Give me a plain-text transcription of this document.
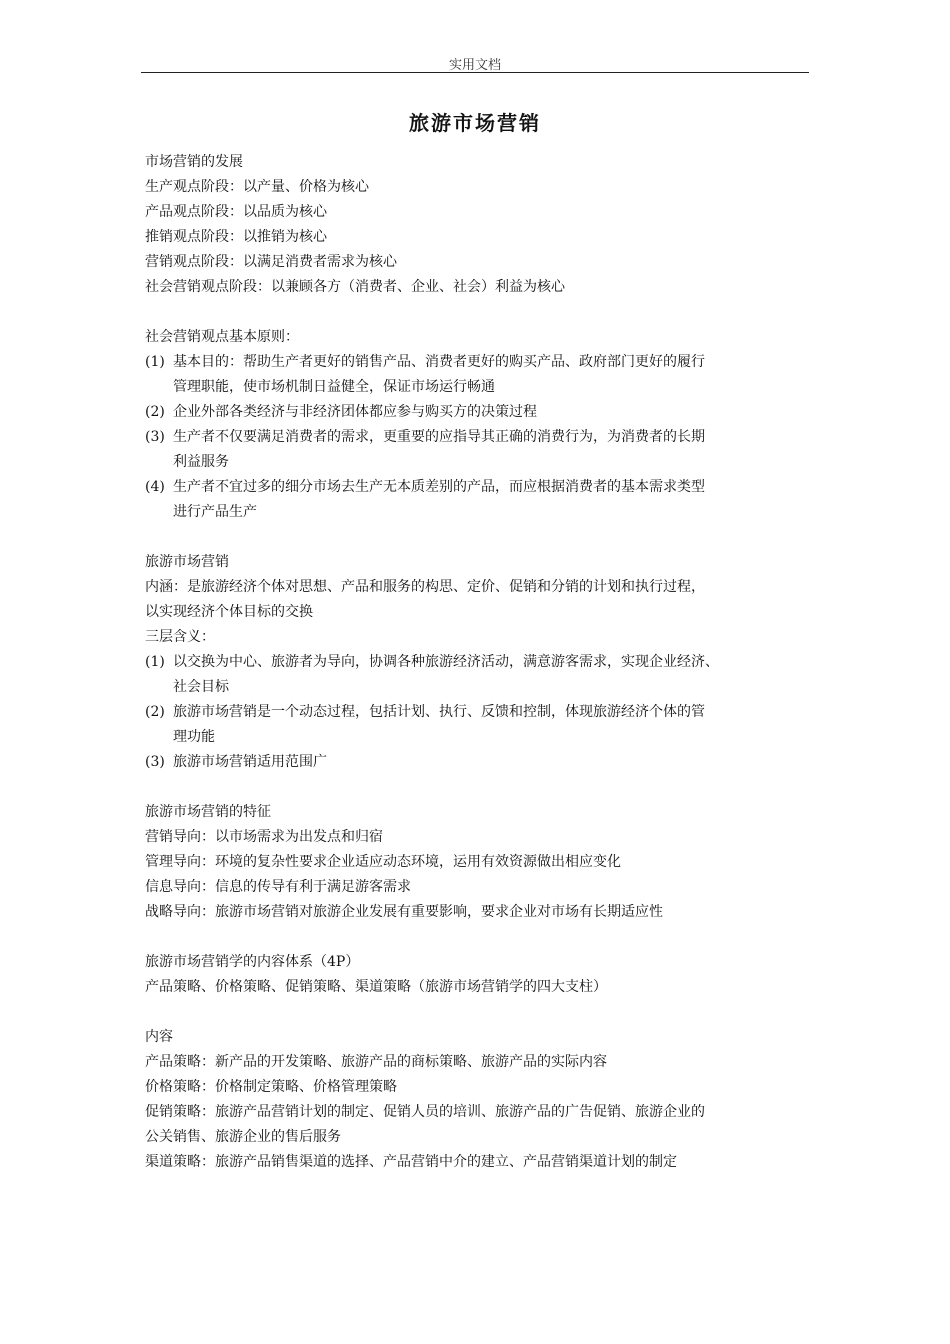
实用文档
旅游市场营销
市场营销的发展
生产观点阶段：以产量、价格为核心
产品观点阶段：以品质为核心
推销观点阶段：以推销为核心
营销观点阶段：以满足消费者需求为核心
社会营销观点阶段：以兼顾各方（消费者、企业、社会）利益为核心
社会营销观点基本原则：
(1) 基本目的：帮助生产者更好的销售产品、消费者更好的购买产品、政府部门更好的履行
管理职能，使市场机制日益健全，保证市场运行畅通
(2) 企业外部各类经济与非经济团体都应参与购买方的决策过程
(3) 生产者不仅要满足消费者的需求，更重要的应指导其正确的消费行为，为消费者的长期
利益服务
(4) 生产者不宜过多的细分市场去生产无本质差别的产品，而应根据消费者的基本需求类型
进行产品生产
旅游市场营销
内涵：是旅游经济个体对思想、产品和服务的构思、定价、促销和分销的计划和执行过程，
以实现经济个体目标的交换
三层含义：
(1) 以交换为中心、旅游者为导向，协调各种旅游经济活动，满意游客需求，实现企业经济、
社会目标
(2) 旅游市场营销是一个动态过程，包括计划、执行、反馈和控制，体现旅游经济个体的管
理功能
(3) 旅游市场营销适用范围广
旅游市场营销的特征
营销导向：以市场需求为出发点和归宿
管理导向：环境的复杂性要求企业适应动态环境，运用有效资源做出相应变化
信息导向：信息的传导有利于满足游客需求
战略导向：旅游市场营销对旅游企业发展有重要影响，要求企业对市场有长期适应性
旅游市场营销学的内容体系（4P）
产品策略、价格策略、促销策略、渠道策略（旅游市场营销学的四大支柱）
内容
产品策略：新产品的开发策略、旅游产品的商标策略、旅游产品的实际内容
价格策略：价格制定策略、价格管理策略
促销策略：旅游产品营销计划的制定、促销人员的培训、旅游产品的广告促销、旅游企业的
公关销售、旅游企业的售后服务
渠道策略：旅游产品销售渠道的选择、产品营销中介的建立、产品营销渠道计划的制定
